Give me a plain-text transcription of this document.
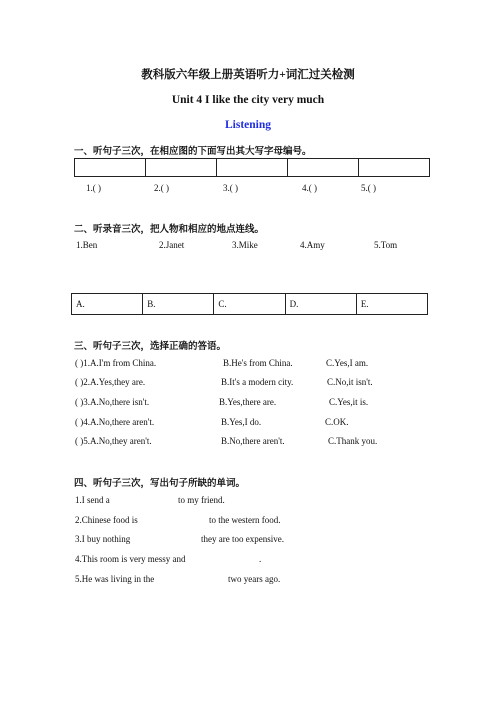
教科版六年级上册英语听力+词汇过关检测
Unit 4 I like the city very much
Listening
一、听句子三次，在相应图的下面写出其大写字母编号。

1.( )	2.( )	3.( )	4.( )	5.( )
二、听录音三次，把人物和相应的地点连线。
1.Ben	2.Janet	3.Mike	4.Amy	5.Tom
A.	B.	C.	D.	E.
三、听句子三次，选择正确的答语。
( )1.A.I'm from China.	B.He's from China.	C.Yes,I am.
( )2.A.Yes,they are.	B.It's a modern city.	C.No,it isn't.
( )3.A.No,there isn't.	B.Yes,there are.	C.Yes,it is.
( )4.A.No,there aren't.	B.Yes,I do.	C.OK.
( )5.A.No,they aren't.	B.No,there aren't.	C.Thank you.
四、听句子三次，写出句子所缺的单词。
1.I send a	to my friend.
2.Chinese food is	to the western food.
3.I buy nothing	they are too expensive.
4.This room is very messy and	.
5.He was living in the	two years ago.
